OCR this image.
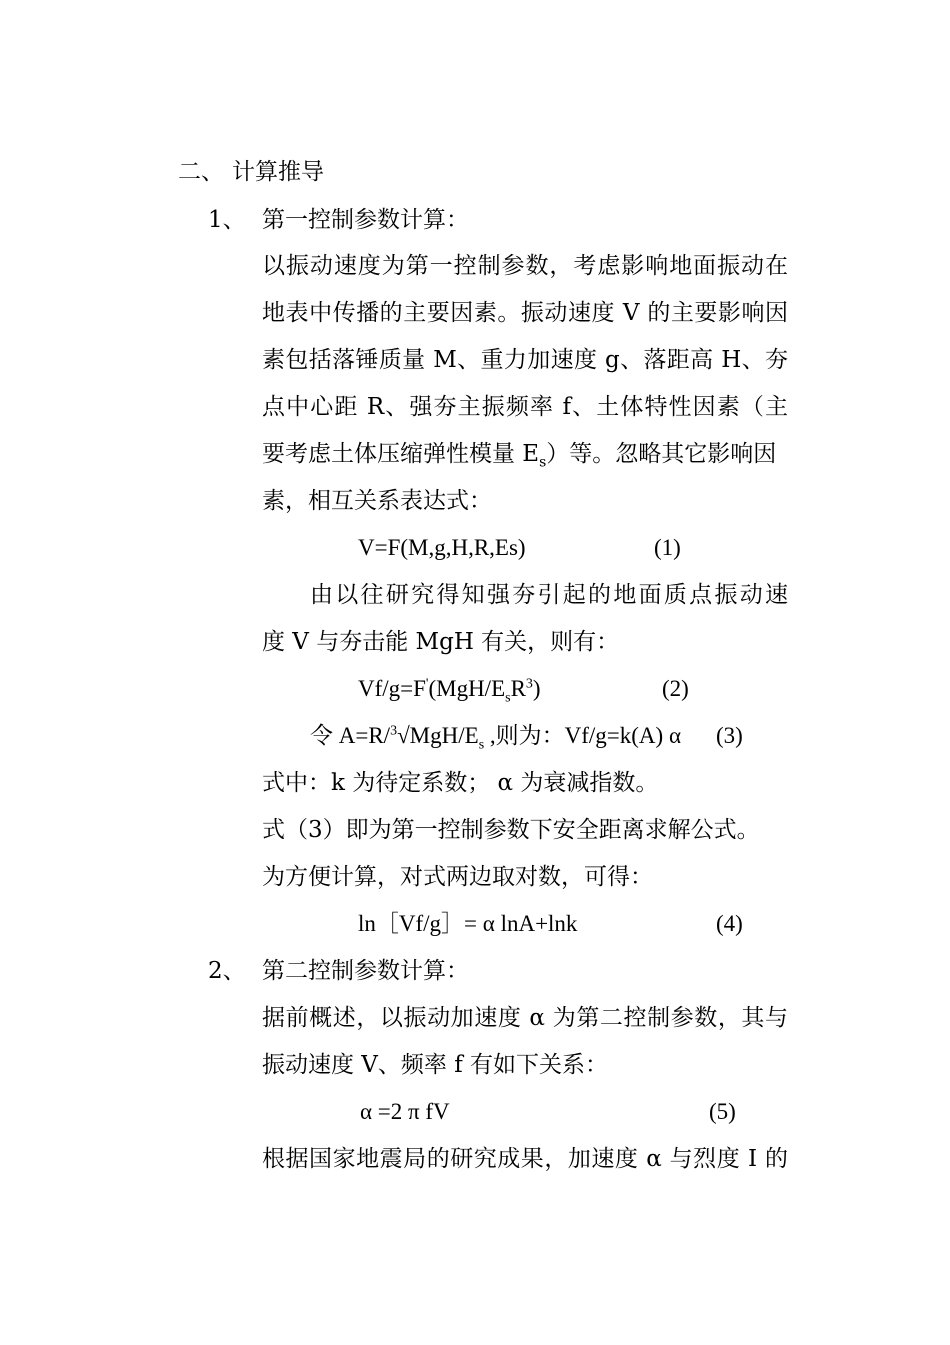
二、 计算推导
1、 第一控制参数计算：
以振动速度为第一控制参数，考虑影响地面振动在
地表中传播的主要因素。振动速度 V 的主要影响因
素包括落锤质量 M、重力加速度 g、落距高 H、夯
点中心距 R、强夯主振频率 f、土体特性因素（主
要考虑土体压缩弹性模量 $E_s$）等。忽略其它影响因
素，相互关系表达式：
V=F(M,g,H,R,Es)	(1)
由以往研究得知强夯引起的地面质点振动速
度 V 与夯击能 MgH 有关，则有：
$Vf/g=F'(MgH/E_sR^3)$	(2)
令 $A=R/^3√MgH/E_s$ ,则为：Vf/g=k(A) α (3)
式中：k 为待定系数； α 为衰减指数。
式（3）即为第一控制参数下安全距离求解公式。
为方便计算，对式两边取对数，可得：
ln［Vf/g］= α lnA+lnk	(4)
2、 第二控制参数计算：
据前概述，以振动加速度 α 为第二控制参数，其与
振动速度 V、频率 f 有如下关系：
α =2 π fV	(5)
根据国家地震局的研究成果，加速度 α 与烈度 I 的
